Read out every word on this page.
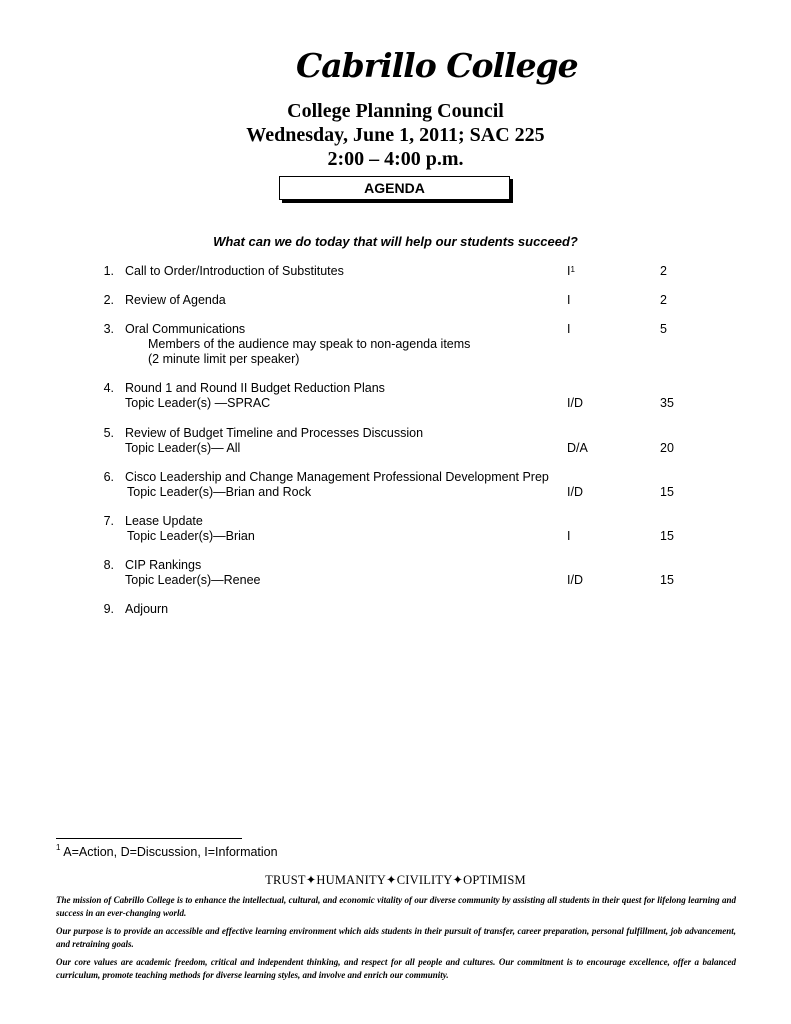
Cabrillo College
College Planning Council
Wednesday, June 1, 2011; SAC 225
2:00 – 4:00 p.m.
AGENDA
What can we do today that will help our students succeed?
1. Call to Order/Introduction of Substitutes	$I^1$	2
2. Review of Agenda	I	2
3. Oral Communications
Members of the audience may speak to non-agenda items
(2 minute limit per speaker)
I	5
4. Round 1 and Round II Budget Reduction Plans
Topic Leader(s) —SPRAC	I/D	35
5. Review of Budget Timeline and Processes Discussion
Topic Leader(s)— All	D/A	20
6. Cisco Leadership and Change Management Professional Development Prep
Topic Leader(s)—Brian and Rock	I/D	15
7. Lease Update
Topic Leader(s)—Brian	I	15
8. CIP Rankings
Topic Leader(s)—Renee	I/D	15
9. Adjourn
$^1$ A=Action, D=Discussion, I=Information
TRUST✦HUMANITY✦CIVILITY✦OPTIMISM
The mission of Cabrillo College is to enhance the intellectual, cultural, and economic vitality of our diverse community by assisting all students in their quest for lifelong learning and success in an ever-changing world.
Our purpose is to provide an accessible and effective learning environment which aids students in their pursuit of transfer, career preparation, personal fulfillment, job advancement, and retraining goals.
Our core values are academic freedom, critical and independent thinking, and respect for all people and cultures. Our commitment is to encourage excellence, offer a balanced curriculum, promote teaching methods for diverse learning styles, and involve and enrich our community.
